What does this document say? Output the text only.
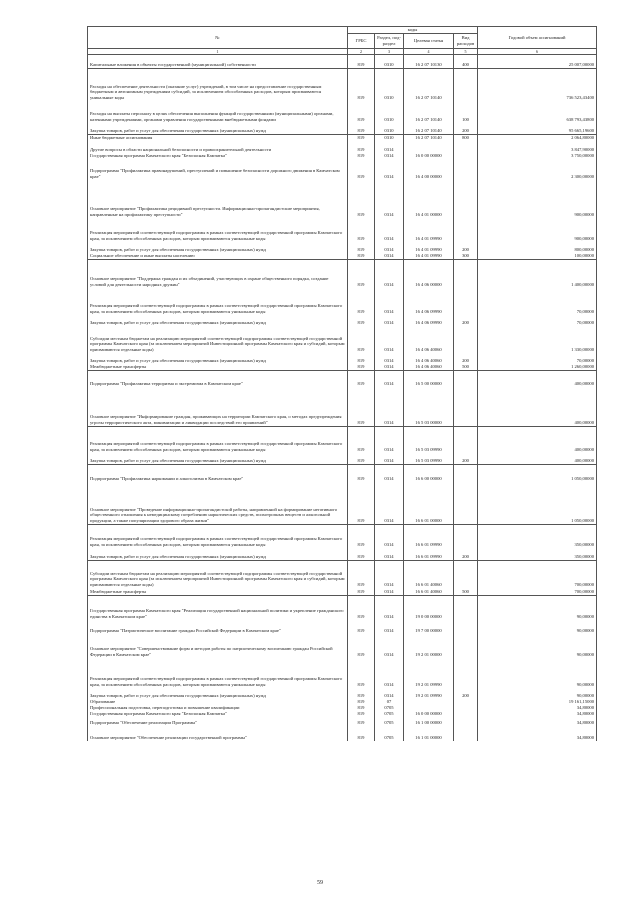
№	коды				Годовой объем ассигнований
	ГРБС	Раздел, под-раздел	Целевая статья	Вид расходов	
1	2	3	4	5	6
Капитальные вложения в объекты государственной (муниципальной) собственности	819	0310	16 2 07 10130	400	25 007,00000
Расходы на обеспечение деятельности (оказание услуг) учреждений, в том числе на предоставление государственным бюджетным и автономным учреждениям субсидий, за исключением обособленных расходов, которым присваиваются уникальные коды	819	0310	16 2 07 10140		736 523,43400
Расходы на выплаты персоналу в целях обеспечения выполнения функций государственными (муниципальными) органами, казенными учреждениями, органами управления государственными внебюджетными фондами	819	0310	16 2 07 10140	100	638 793,43800
Закупка товаров, работ и услуг для обеспечения государственных (муниципальных) нужд	819	0310	16 2 07 10140	200	95 665,19600
Иные бюджетные ассигнования	819	0310	16 2 07 10140	800	2 064,80000
Другие вопросы в области национальной безопасности и правоохранительной деятельности	819	0314			3 847,90000
Государственная программа Камчатского края "Безопасная Камчатка"	819	0314	16 0 00 00000		3 750,00000
Подпрограмма "Профилактика правонарушений, преступлений и повышение безопасности дорожного движения в Камчатском крае"	819	0314	16 4 00 00000		2 300,00000
Основное мероприятие "Профилактика рецидивной преступности. Информационно-пропагандистские мероприятия, направленные на профилактику преступности"	819	0314	16 4 01 00000		900,00000
Реализация мероприятий соответствующей подпрограммы в рамках соответствующей государственной программы Камчатского края, за исключением обособленных расходов, которым присваиваются уникальные коды	819	0314	16 4 01 09990		900,00000
Закупка товаров, работ и услуг для обеспечения государственных (муниципальных) нужд	819	0314	16 4 01 09990	200	800,00000
Социальное обеспечение и иные выплаты населению	819	0314	16 4 01 09990	300	100,00000
Основное мероприятие "Поддержка граждан и их объединений, участвующих в охране общественного порядка, создание условий для деятельности народных дружин"	819	0314	16 4 06 00000		1 400,00000
Реализация мероприятий соответствующей подпрограммы в рамках соответствующей государственной программы Камчатского края, за исключением обособленных расходов, которым присваиваются уникальные коды	819	0314	16 4 06 09990		70,00000
Закупка товаров, работ и услуг для обеспечения государственных (муниципальных) нужд	819	0314	16 4 06 09990	200	70,00000
Субсидии местным бюджетам на реализацию мероприятий соответствующей подпрограммы соответствующей государственной программы Камчатского края (за исключением мероприятий Инвестиционной программы Камчатского края и субсидий, которым присваиваются отдельные коды)	819	0314	16 4 06 40060		1 330,00000
Закупка товаров, работ и услуг для обеспечения государственных (муниципальных) нужд	819	0314	16 4 06 40060	200	70,00000
Межбюджетные трансферты	819	0314	16 4 06 40060	500	1 260,00000
Подпрограмма "Профилактика терроризма и экстремизма в Камчатском крае"	819	0314	16 5 00 00000		400,00000
Основное мероприятие "Информирование граждан, проживающих на территории Камчатского края, о методах предупреждения угрозы террористического акта, минимизации и ликвидации последствий его проявлений"	819	0314	16 5 03 00000		400,00000
Реализация мероприятий соответствующей подпрограммы в рамках соответствующей государственной программы Камчатского края, за исключением обособленных расходов, которым присваиваются уникальные коды	819	0314	16 5 03 09990		400,00000
Закупка товаров, работ и услуг для обеспечения государственных (муниципальных) нужд	819	0314	16 5 03 09990	200	400,00000
Подпрограмма "Профилактика наркомании и алкоголизма в Камчатском крае"	819	0314	16 6 00 00000		1 050,00000
Основное мероприятие "Проведение информационно-пропагандистской работы, направленной на формирование негативного общественного отношения к немедицинскому потреблению наркотических средств, психотропных веществ и алкогольной продукции, а также популяризации здорового образа жизни"	819	0314	16 6 01 00000		1 050,00000
Реализация мероприятий соответствующей подпрограммы в рамках соответствующей государственной программы Камчатского края, за исключением обособленных расходов, которым присваиваются уникальные коды	819	0314	16 6 01 09990		350,00000
Закупка товаров, работ и услуг для обеспечения государственных (муниципальных) нужд	819	0314	16 6 01 09990	200	350,00000
Субсидии местным бюджетам на реализацию мероприятий соответствующей подпрограммы соответствующей государственной программы Камчатского края (за исключением мероприятий Инвестиционной программы Камчатского края и субсидий, которым присваиваются отдельные коды)	819	0314	16 6 01 40060		700,00000
Межбюджетные трансферты	819	0314	16 6 01 40060	500	700,00000
Государственная программа Камчатского края "Реализация государственной национальной политики и укрепление гражданского единства в Камчатском крае"	819	0314	19 0 00 00000		90,00000
Подпрограмма "Патриотическое воспитание граждан Российской Федерации в Камчатском крае"	819	0314	19 7 00 00000		90,00000
Основное мероприятие "Совершенствование форм и методов работы по патриотическому воспитанию граждан Российской Федерации в Камчатском крае"	819	0314	19 2 01 00000		90,00000
Реализация мероприятий соответствующей подпрограммы в рамках соответствующей государственной программы Камчатского края, за исключением обособленных расходов, которым присваиваются уникальные коды	819	0314	19 2 01 09990		90,00000
Закупка товаров, работ и услуг для обеспечения государственных (муниципальных) нужд	819	0314	19 2 01 09990	200	90,00000
Образование	819	07			19 161,15000
Профессиональная подготовка, переподготовка и повышение квалификации	819	0705			34,80000
Государственная программа Камчатского края "Безопасная Камчатка"	819	0705	16 0 00 00000		34,80000
Подпрограмма "Обеспечение реализации Программы"	819	0705	16 1 00 00000		34,80000
Основное мероприятие "Обеспечение реализации государственной программы"	819	0705	16 1 01 00000		34,80000
59
